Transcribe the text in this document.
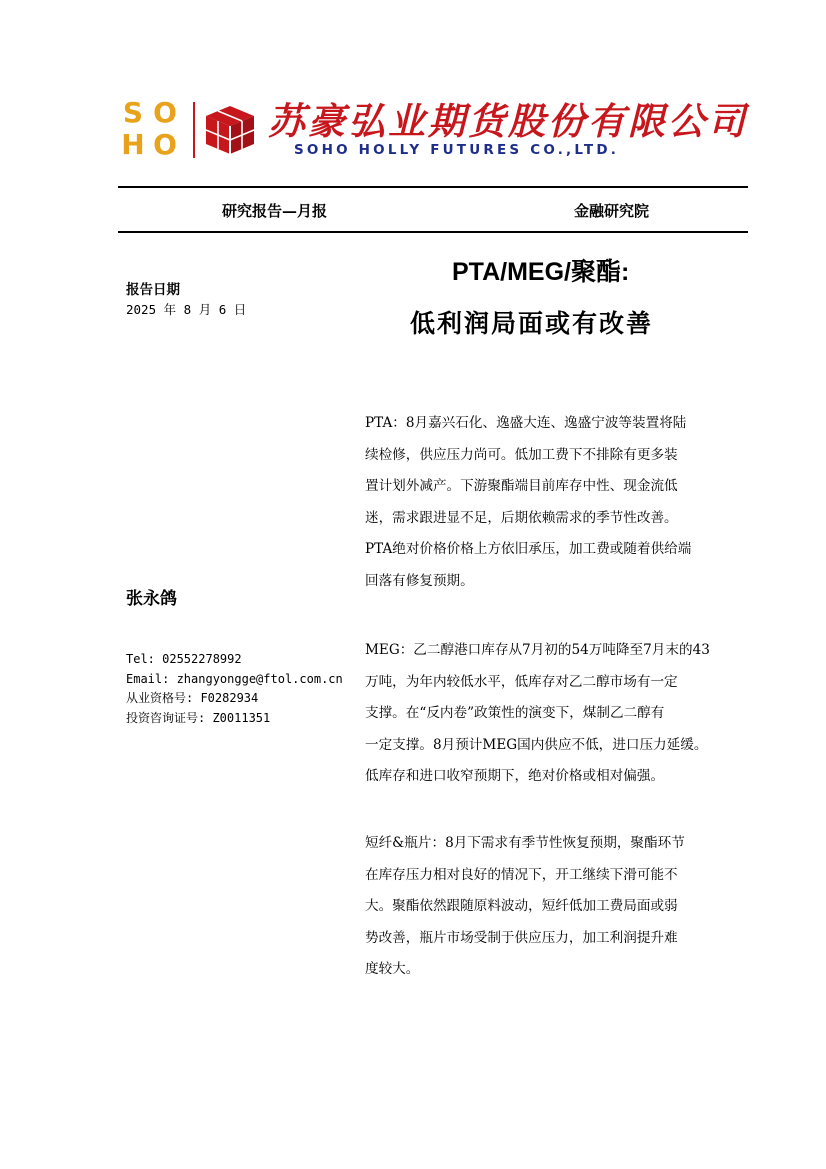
S O
H O
苏豪弘业期货股份有限公司
SOHO HOLLY FUTURES CO.,LTD.
研究报告—月报	金融研究院
报告日期
2025 年 8 月 6 日
张永鸽
Tel: 02552278992
Email: zhangyongge@ftol.com.cn
从业资格号: F0282934
投资咨询证号: Z0011351
PTA/MEG/聚酯:
低利润局面或有改善
PTA：8月嘉兴石化、逸盛大连、逸盛宁波等装置将陆
续检修，供应压力尚可。低加工费下不排除有更多装
置计划外减产。下游聚酯端目前库存中性、现金流低
迷，需求跟进显不足，后期依赖需求的季节性改善。
PTA绝对价格价格上方依旧承压，加工费或随着供给端
回落有修复预期。
MEG：乙二醇港口库存从7月初的54万吨降至7月末的43
万吨，为年内较低水平，低库存对乙二醇市场有一定
支撑。在“反内卷”政策性的演变下，煤制乙二醇有
一定支撑。8月预计MEG国内供应不低，进口压力延缓。
低库存和进口收窄预期下，绝对价格或相对偏强。
短纤&瓶片：8月下需求有季节性恢复预期，聚酯环节
在库存压力相对良好的情况下，开工继续下滑可能不
大。聚酯依然跟随原料波动，短纤低加工费局面或弱
势改善，瓶片市场受制于供应压力，加工利润提升难
度较大。
